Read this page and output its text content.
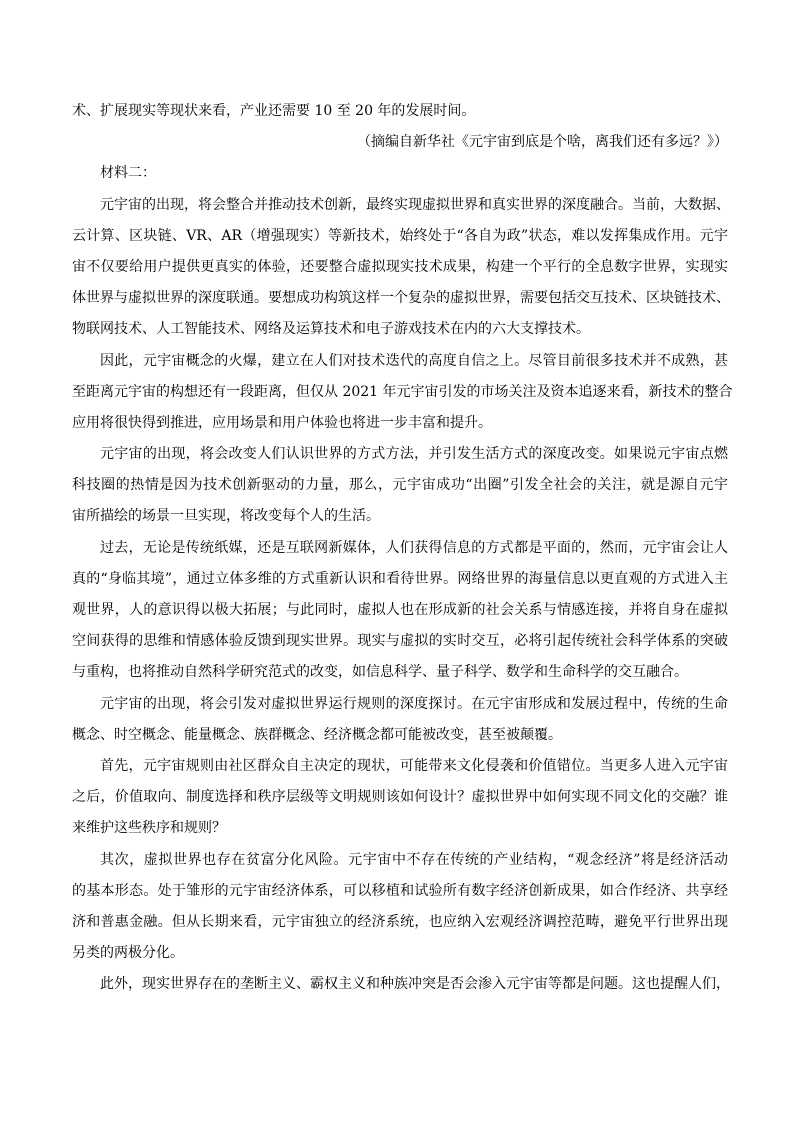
术、扩展现实等现状来看，产业还需要 10 至 20 年的发展时间。

（摘编自新华社《元宇宙到底是个啥，离我们还有多远？》）

材料二：

元宇宙的出现，将会整合并推动技术创新，最终实现虚拟世界和真实世界的深度融合。当前，大数据、

云计算、区块链、VR、AR（增强现实）等新技术，始终处于“各自为政”状态，难以发挥集成作用。元宇

宙不仅要给用户提供更真实的体验，还要整合虚拟现实技术成果，构建一个平行的全息数字世界，实现实

体世界与虚拟世界的深度联通。要想成功构筑这样一个复杂的虚拟世界，需要包括交互技术、区块链技术、

物联网技术、人工智能技术、网络及运算技术和电子游戏技术在内的六大支撑技术。

因此，元宇宙概念的火爆，建立在人们对技术迭代的高度自信之上。尽管目前很多技术并不成熟，甚

至距离元宇宙的构想还有一段距离，但仅从 2021 年元宇宙引发的市场关注及资本追逐来看，新技术的整合

应用将很快得到推进，应用场景和用户体验也将进一步丰富和提升。

元宇宙的出现，将会改变人们认识世界的方式方法，并引发生活方式的深度改变。如果说元宇宙点燃

科技圈的热情是因为技术创新驱动的力量，那么，元宇宙成功“出圈”引发全社会的关注，就是源自元宇

宙所描绘的场景一旦实现，将改变每个人的生活。

过去，无论是传统纸媒，还是互联网新媒体，人们获得信息的方式都是平面的，然而，元宇宙会让人

真的“身临其境”，通过立体多维的方式重新认识和看待世界。网络世界的海量信息以更直观的方式进入主

观世界，人的意识得以极大拓展；与此同时，虚拟人也在形成新的社会关系与情感连接，并将自身在虚拟

空间获得的思维和情感体验反馈到现实世界。现实与虚拟的实时交互，必将引起传统社会科学体系的突破

与重构，也将推动自然科学研究范式的改变，如信息科学、量子科学、数学和生命科学的交互融合。

元宇宙的出现，将会引发对虚拟世界运行规则的深度探讨。在元宇宙形成和发展过程中，传统的生命

概念、时空概念、能量概念、族群概念、经济概念都可能被改变，甚至被颠覆。

首先，元宇宙规则由社区群众自主决定的现状，可能带来文化侵袭和价值错位。当更多人进入元宇宙

之后，价值取向、制度选择和秩序层级等文明规则该如何设计？虚拟世界中如何实现不同文化的交融？谁

来维护这些秩序和规则？

其次，虚拟世界也存在贫富分化风险。元宇宙中不存在传统的产业结构，“观念经济”将是经济活动

的基本形态。处于雏形的元宇宙经济体系，可以移植和试验所有数字经济创新成果，如合作经济、共享经

济和普惠金融。但从长期来看，元宇宙独立的经济系统，也应纳入宏观经济调控范畴，避免平行世界出现

另类的两极分化。

此外，现实世界存在的垄断主义、霸权主义和种族冲突是否会渗入元宇宙等都是问题。这也提醒人们，
